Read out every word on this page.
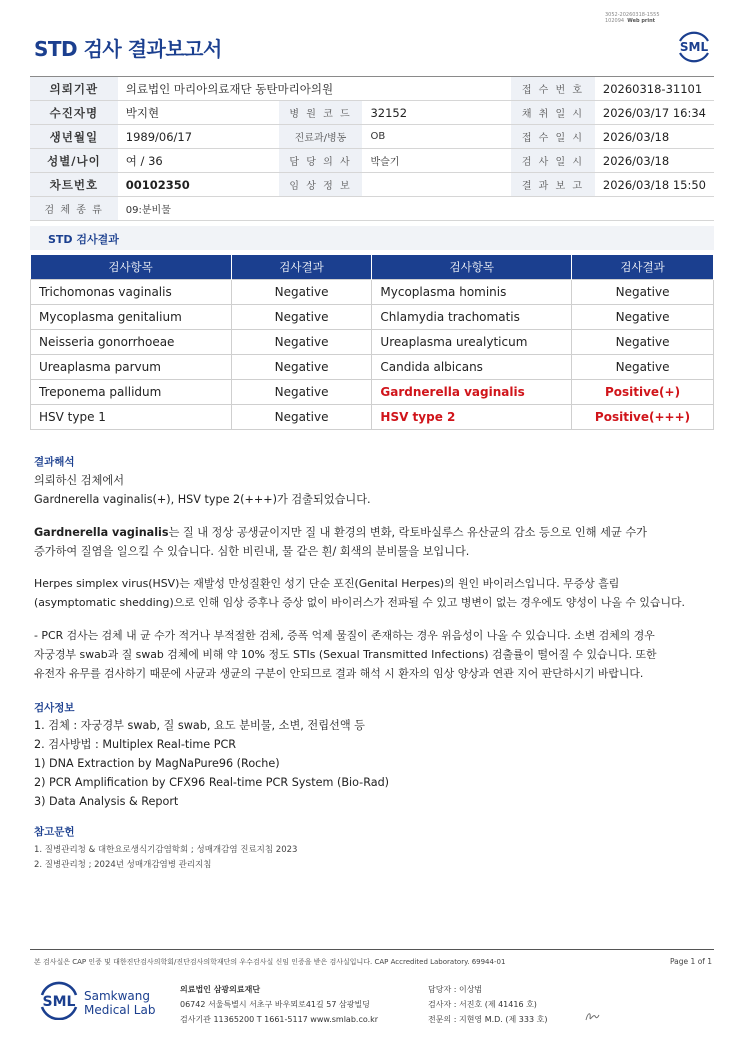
3052-20260318-1555
102094 Web print
STD 검사 결과보고서	SML
의뢰기관	의료법인 마리아의료재단 동탄마리아의원			접 수 번 호	20260318-31101
수진자명	박지현	병 원 코 드	32152	채 취 일 시	2026/03/17 16:34
생년월일	1989/06/17	진료과/병동	OB	접 수 일 시	2026/03/18
성별/나이	여 / 36	담 당 의 사	박슬기	검 사 일 시	2026/03/18
차트번호	00102350	임 상 정 보		결 과 보 고	2026/03/18 15:50
검 체 종 류	09:분비물				
STD 검사결과
검사항목	검사결과	검사항목	검사결과
Trichomonas vaginalis	Negative	Mycoplasma hominis	Negative
Mycoplasma genitalium	Negative	Chlamydia trachomatis	Negative
Neisseria gonorrhoeae	Negative	Ureaplasma urealyticum	Negative
Ureaplasma parvum	Negative	Candida albicans	Negative
Treponema pallidum	Negative	Gardnerella vaginalis	Positive(+)
HSV type 1	Negative	HSV type 2	Positive(+++)
결과해석
의뢰하신 검체에서
Gardnerella vaginalis(+), HSV type 2(+++)가 검출되었습니다.
Gardnerella vaginalis는 질 내 정상 공생균이지만 질 내 환경의 변화, 락토바실루스 유산균의 감소 등으로 인해 세균 수가
증가하여 질염을 일으킬 수 있습니다. 심한 비린내, 물 같은 흰/ 회색의 분비물을 보입니다.
Herpes simplex virus(HSV)는 재발성 만성질환인 성기 단순 포진(Genital Herpes)의 원인 바이러스입니다. 무증상 흘림
(asymptomatic shedding)으로 인해 임상 증후나 증상 없이 바이러스가 전파될 수 있고 병변이 없는 경우에도 양성이 나올 수 있습니다.
- PCR 검사는 검체 내 균 수가 적거나 부적절한 검체, 증폭 억제 물질이 존재하는 경우 위음성이 나올 수 있습니다. 소변 검체의 경우
자궁경부 swab과 질 swab 검체에 비해 약 10% 정도 STIs (Sexual Transmitted Infections) 검출률이 떨어질 수 있습니다. 또한
유전자 유무를 검사하기 때문에 사균과 생균의 구분이 안되므로 결과 해석 시 환자의 임상 양상과 연관 지어 판단하시기 바랍니다.
검사정보
1. 검체 : 자궁경부 swab, 질 swab, 요도 분비물, 소변, 전립선액 등
2. 검사방법 : Multiplex Real-time PCR
1) DNA Extraction by MagNaPure96 (Roche)
2) PCR Amplification by CFX96 Real-time PCR System (Bio-Rad)
3) Data Analysis & Report
참고문헌
1. 질병관리청 & 대한요로생식기감염학회 ; 성매개감염 진료지침 2023
2. 질병관리청 ; 2024년 성매개감염병 관리지침
본 검사실은 CAP 인증 및 대한진단검사의학회/진단검사의학재단의 우수검사실 신임 인증을 받은 검사실입니다. CAP Accredited Laboratory. 69944-01	Page 1 of 1
SML Samkwang
Medical Lab
의료법인 삼광의료재단
06742 서울특별시 서초구 바우뫼로41길 57 삼광빌딩
검사기관 11365200 T 1661-5117 www.smlab.co.kr
담당자 : 이상범
검사자 : 서진호 (제 41416 호)
전문의 : 지현영 M.D. (제 333 호)
